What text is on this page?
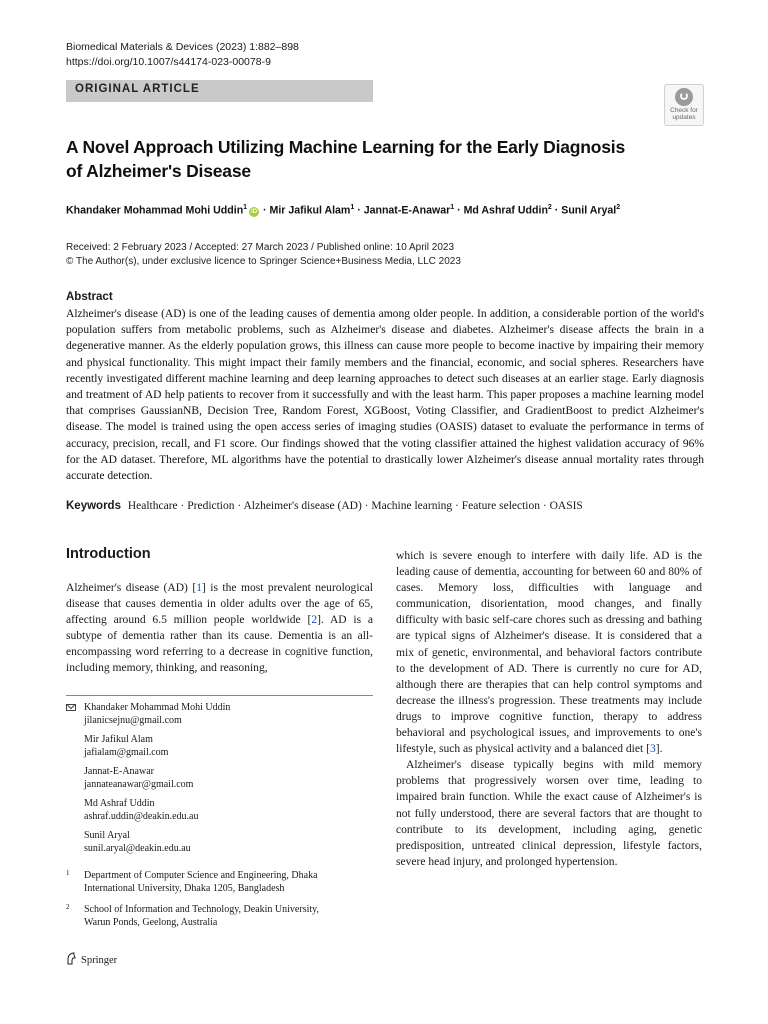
Biomedical Materials & Devices (2023) 1:882–898
https://doi.org/10.1007/s44174-023-00078-9
ORIGINAL ARTICLE
Check for
updates
A Novel Approach Utilizing Machine Learning for the Early Diagnosis
of Alzheimer's Disease
Khandaker Mohammad Mohi Uddin$^1$iD · Mir Jafikul Alam$^1$ · Jannat-E-Anawar$^1$ · Md Ashraf Uddin$^2$ · Sunil Aryal$^2$
Received: 2 February 2023 / Accepted: 27 March 2023 / Published online: 10 April 2023
© The Author(s), under exclusive licence to Springer Science+Business Media, LLC 2023
Abstract
Alzheimer's disease (AD) is one of the leading causes of dementia among older people. In addition, a considerable portion of the world's population suffers from metabolic problems, such as Alzheimer's disease and diabetes. Alzheimer's disease affects the brain in a degenerative manner. As the elderly population grows, this illness can cause more people to become inactive by impairing their memory and physical functionality. This might impact their family members and the financial, economic, and social spheres. Researchers have recently investigated different machine learning and deep learning approaches to detect such diseases at an earlier stage. Early diagnosis and treatment of AD help patients to recover from it successfully and with the least harm. This paper proposes a machine learning model that comprises GaussianNB, Decision Tree, Random Forest, XGBoost, Voting Classifier, and GradientBoost to predict Alzheimer's disease. The model is trained using the open access series of imaging studies (OASIS) dataset to evaluate the performance in terms of accuracy, precision, recall, and F1 score. Our findings showed that the voting classifier attained the highest validation accuracy of 96% for the AD dataset. Therefore, ML algorithms have the potential to drastically lower Alzheimer's disease annual mortality rates through accurate detection.
Keywords Healthcare · Prediction · Alzheimer's disease (AD) · Machine learning · Feature selection · OASIS
Introduction

Alzheimer's disease (AD) [1] is the most prevalent neurological disease that causes dementia in older adults over the age of 65, affecting around 6.5 million people worldwide [2]. AD is a subtype of dementia rather than its cause. Dementia is an all-encompassing word referring to a decrease in cognitive function, including memory, thinking, and reasoning,

which is severe enough to interfere with daily life. AD is the leading cause of dementia, accounting for between 60 and 80% of cases. Memory loss, difficulties with language and communication, disorientation, mood changes, and finally difficulty with basic self-care chores such as dressing and bathing are typical signs of Alzheimer's disease. It is considered that a mix of genetic, environmental, and behavioral factors contribute to the development of AD. There is currently no cure for AD, although there are therapies that can help control symptoms and decrease the illness's progression. These treatments may include drugs to improve cognitive function, therapy to address behavioral and psychological issues, and improvements to one's lifestyle, such as physical activity and a balanced diet [3].

Alzheimer's disease typically begins with mild memory problems that progressively worsen over time, leading to impaired brain function. While the exact cause of Alzheimer's is not fully understood, there are several factors that are thought to contribute to its development, including aging, genetic predisposition, untreated clinical depression, lifestyle factors, severe head injury, and prolonged hypertension.

Khandaker Mohammad Mohi Uddin
jilanicsejnu@gmail.com
Mir Jafikul Alam
jafialam@gmail.com
Jannat-E-Anawar
jannateanawar@gmail.com
Md Ashraf Uddin
ashraf.uddin@deakin.edu.au
Sunil Aryal
sunil.aryal@deakin.edu.au
1 Department of Computer Science and Engineering, Dhaka
International University, Dhaka 1205, Bangladesh
2 School of Information and Technology, Deakin University,
Warun Ponds, Geelong, Australia
Springer
